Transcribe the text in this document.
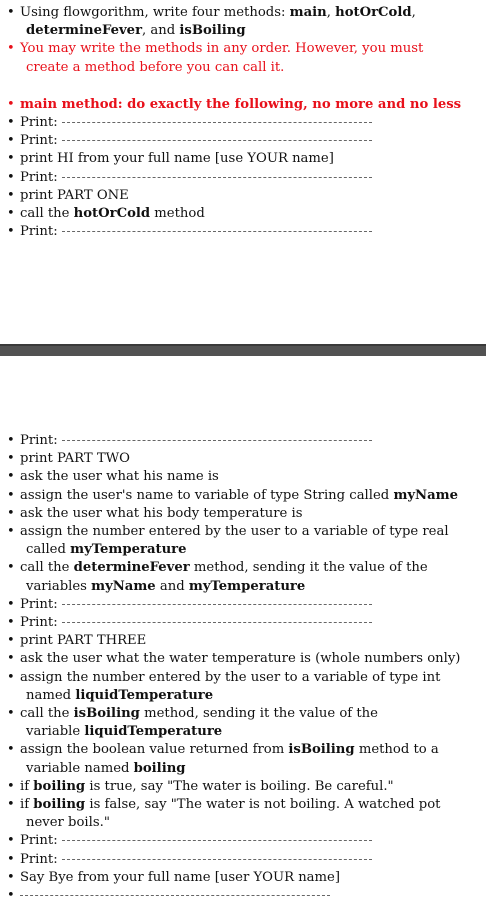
• Using flowgorithm, write four methods: main, hotOrCold,
determineFever, and isBoiling
• You may write the methods in any order. However, you must
create a method before you can call it.
• main method: do exactly the following, no more and no less
• Print:
• Print:
• print HI from your full name [use YOUR name]
• Print:
• print PART ONE
• call the hotOrCold method
• Print:
• Print:
• print PART TWO
• ask the user what his name is
• assign the user's name to variable of type String called myName
• ask the user what his body temperature is
• assign the number entered by the user to a variable of type real
called myTemperature
• call the determineFever method, sending it the value of the
variables myName and myTemperature
• Print:
• Print:
• print PART THREE
• ask the user what the water temperature is (whole numbers only)
• assign the number entered by the user to a variable of type int
named liquidTemperature
• call the isBoiling method, sending it the value of the
variable liquidTemperature
• assign the boolean value returned from isBoiling method to a
variable named boiling
• if boiling is true, say "The water is boiling. Be careful."
• if boiling is false, say "The water is not boiling. A watched pot
never boils."
• Print:
• Print:
• Say Bye from your full name [user YOUR name]
•
